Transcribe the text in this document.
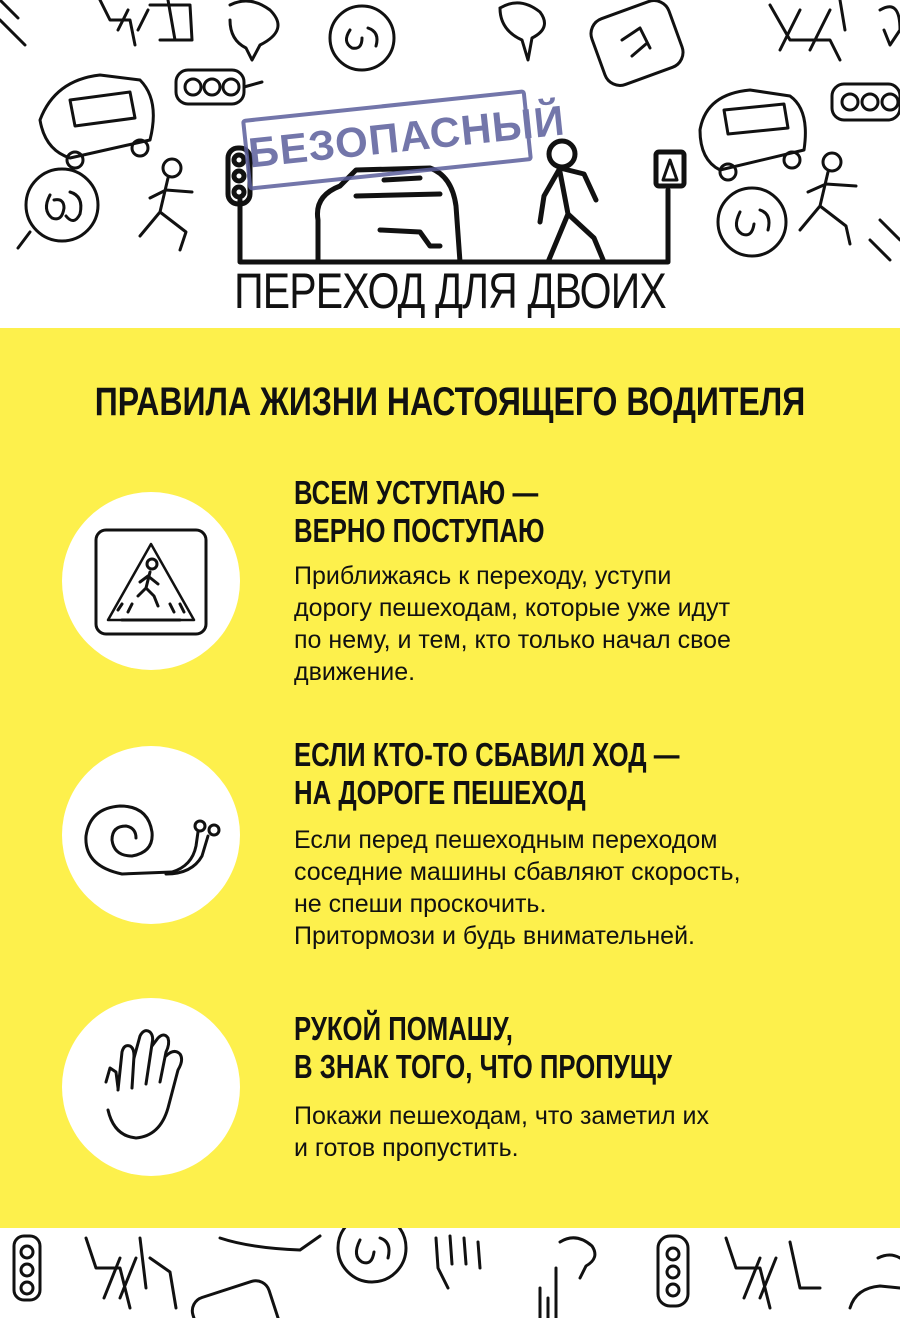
БЕЗОПАСНЫЙ
ПЕРЕХОД ДЛЯ ДВОИХ
ПРАВИЛА ЖИЗНИ НАСТОЯЩЕГО ВОДИТЕЛЯ
ВСЕМ УСТУПАЮ —
ВЕРНО ПОСТУПАЮ
Приближаясь к переходу, уступи
дорогу пешеходам, которые уже идут
по нему, и тем, кто только начал свое
движение.
ЕСЛИ КТО-ТО СБАВИЛ ХОД —
НА ДОРОГЕ ПЕШЕХОД
Если перед пешеходным переходом
соседние машины сбавляют скорость,
не спеши проскочить.
Притормози и будь внимательней.
РУКОЙ ПОМАШУ,
В ЗНАК ТОГО, ЧТО ПРОПУЩУ
Покажи пешеходам, что заметил их
и готов пропустить.
